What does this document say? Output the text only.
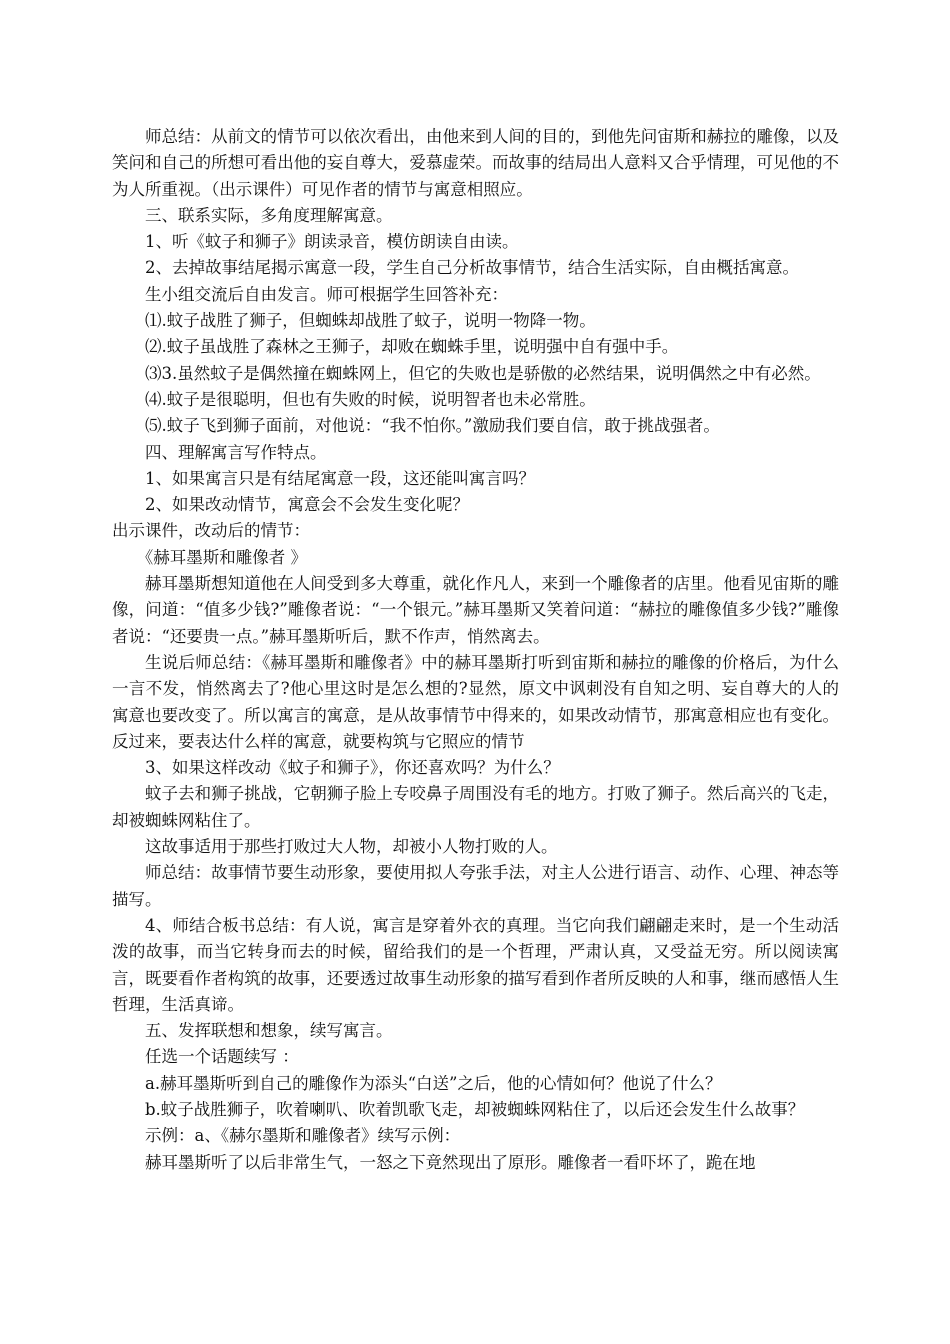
师总结：从前文的情节可以依次看出，由他来到人间的目的，到他先问宙斯和赫拉的雕像，以及笑问和自己的所想可看出他的妄自尊大，爱慕虚荣。而故事的结局出人意料又合乎情理，可见他的不为人所重视。（出示课件）可见作者的情节与寓意相照应。

三、联系实际，多角度理解寓意。

1、听《蚊子和狮子》朗读录音，模仿朗读自由读。

2、去掉故事结尾揭示寓意一段，学生自己分析故事情节，结合生活实际，自由概括寓意。

生小组交流后自由发言。师可根据学生回答补充：

⑴.蚊子战胜了狮子，但蜘蛛却战胜了蚊子，说明一物降一物。

⑵.蚊子虽战胜了森林之王狮子，却败在蜘蛛手里，说明强中自有强中手。

⑶3.虽然蚊子是偶然撞在蜘蛛网上，但它的失败也是骄傲的必然结果，说明偶然之中有必然。

⑷.蚊子是很聪明，但也有失败的时候，说明智者也未必常胜。

⑸.蚊子飞到狮子面前，对他说：“我不怕你。”激励我们要自信，敢于挑战强者。

四、理解寓言写作特点。

1、如果寓言只是有结尾寓意一段，这还能叫寓言吗？

2、如果改动情节，寓意会不会发生变化呢？

出示课件，改动后的情节：

《赫耳墨斯和雕像者 》

赫耳墨斯想知道他在人间受到多大尊重，就化作凡人，来到一个雕像者的店里。他看见宙斯的雕像，问道：“值多少钱?”雕像者说：“一个银元。”赫耳墨斯又笑着问道：“赫拉的雕像值多少钱?”雕像者说：“还要贵一点。”赫耳墨斯听后，默不作声，悄然离去。

生说后师总结：《赫耳墨斯和雕像者》中的赫耳墨斯打听到宙斯和赫拉的雕像的价格后，为什么一言不发，悄然离去了?他心里这时是怎么想的?显然，原文中讽刺没有自知之明、妄自尊大的人的寓意也要改变了。所以寓言的寓意，是从故事情节中得来的，如果改动情节，那寓意相应也有变化。反过来，要表达什么样的寓意，就要构筑与它照应的情节

3、如果这样改动《蚊子和狮子》，你还喜欢吗？为什么？

蚊子去和狮子挑战，它朝狮子脸上专咬鼻子周围没有毛的地方。打败了狮子。然后高兴的飞走，却被蜘蛛网粘住了。

这故事适用于那些打败过大人物，却被小人物打败的人。

师总结：故事情节要生动形象，要使用拟人夸张手法，对主人公进行语言、动作、心理、神态等描写。

4、师结合板书总结：有人说，寓言是穿着外衣的真理。当它向我们翩翩走来时，是一个生动活泼的故事，而当它转身而去的时候，留给我们的是一个哲理，严肃认真，又受益无穷。所以阅读寓言，既要看作者构筑的故事，还要透过故事生动形象的描写看到作者所反映的人和事，继而感悟人生哲理，生活真谛。

五、发挥联想和想象，续写寓言。

任选一个话题续写 ：

a.赫耳墨斯听到自己的雕像作为添头“白送”之后，他的心情如何？他说了什么？

b.蚊子战胜狮子，吹着喇叭、吹着凯歌飞走，却被蜘蛛网粘住了，以后还会发生什么故事？

示例：a、《赫尔墨斯和雕像者》续写示例：

赫耳墨斯听了以后非常生气，一怒之下竟然现出了原形。雕像者一看吓坏了，跪在地
